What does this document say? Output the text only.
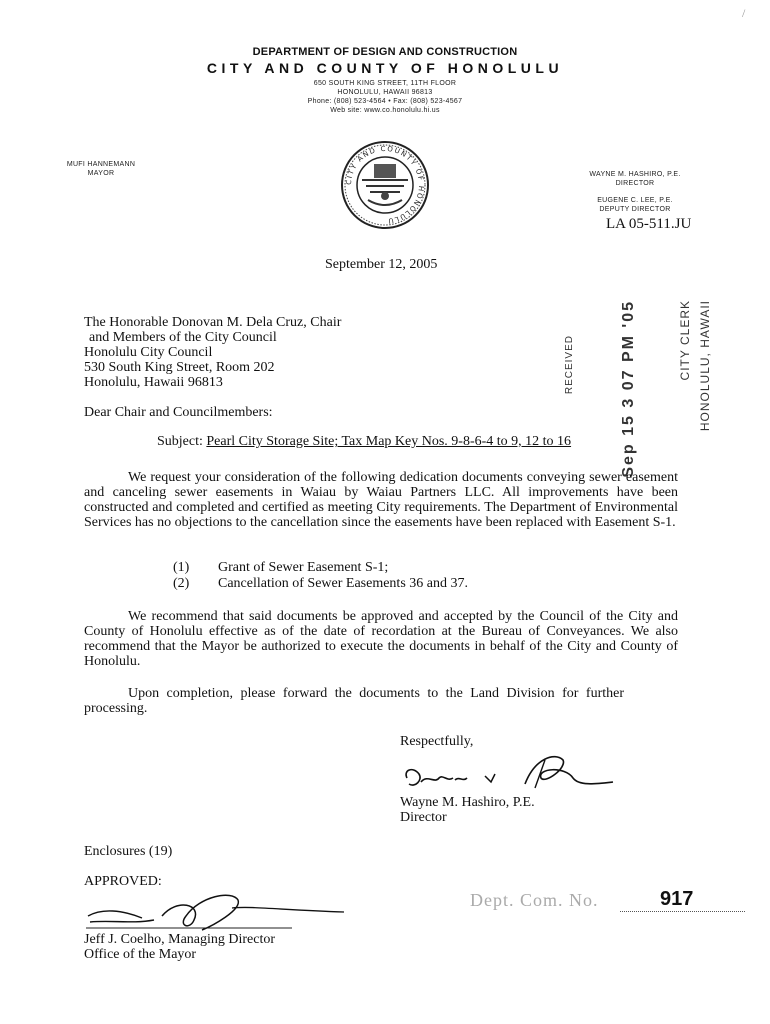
/
DEPARTMENT OF DESIGN AND CONSTRUCTION
CITY AND COUNTY OF HONOLULU
650 SOUTH KING STREET, 11TH FLOOR
HONOLULU, HAWAII 96813
Phone: (808) 523-4564 • Fax: (808) 523-4567
Web site: www.co.honolulu.hi.us
MUFI HANNEMANN
MAYOR	WAYNE M. HASHIRO, P.E.
DIRECTOR
EUGENE C. LEE, P.E.
DEPUTY DIRECTOR
CITY AND COUNTY OF HONOLULU	LA 05-511.JU
September 12, 2005
The Honorable Donovan M. Dela Cruz, Chair
and Members of the City Council
Honolulu City Council
530 South King Street, Room 202
Honolulu, Hawaii 96813
Dear Chair and Councilmembers:
RECEIVED	Sep 15 3 07 PM '05	CITY CLERK HONOLULU, HAWAII
Subject: Pearl City Storage Site; Tax Map Key Nos. 9-8-6-4 to 9, 12 to 16
We request your consideration of the following dedication documents conveying sewer easement and canceling sewer easements in Waiau by Waiau Partners LLC. All improvements have been constructed and completed and certified as meeting City requirements. The Department of Environmental Services has no objections to the cancellation since the easements have been replaced with Easement S-1.
(1) Grant of Sewer Easement S-1;
(2) Cancellation of Sewer Easements 36 and 37.
We recommend that said documents be approved and accepted by the Council of the City and County of Honolulu effective as of the date of recordation at the Bureau of Conveyances. We also recommend that the Mayor be authorized to execute the documents in behalf of the City and County of Honolulu.
Upon completion, please forward the documents to the Land Division for further processing.
Respectfully,
Wayne M. Hashiro, P.E.
Director
Enclosures (19)
APPROVED:
Jeff J. Coelho, Managing Director
Office of the Mayor
Dept. Com. No.	917
